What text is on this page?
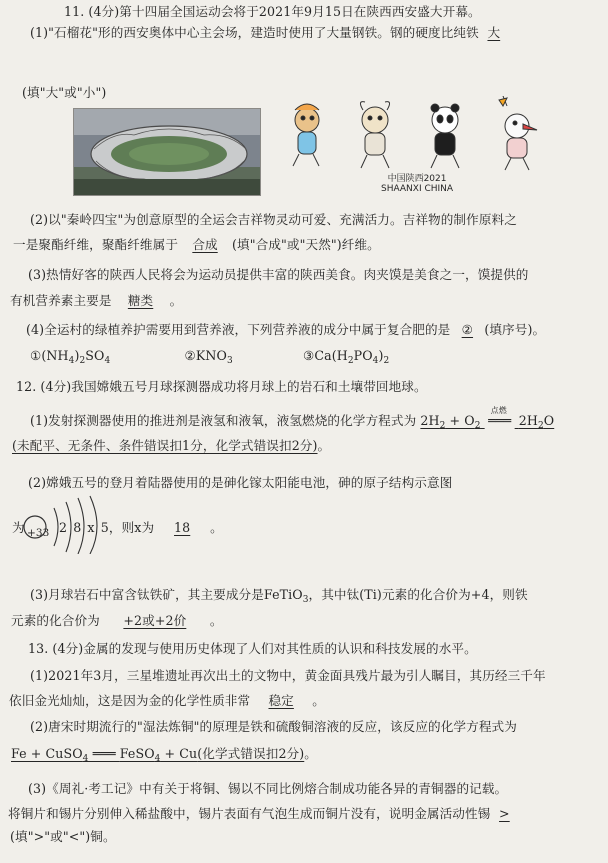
11. (4分)第十四届全国运动会将于2021年9月15日在陕西西安盛大开幕。
(1)"石榴花"形的西安奥体中心主会场，建造时使用了大量钢铁。钢的硬度比纯铁 大
(填"大"或"小")
中国陕西2021
SHAANXI CHINA
(2)以"秦岭四宝"为创意原型的全运会吉祥物灵动可爱、充满活力。吉祥物的制作原料之
一是聚酯纤维，聚酯纤维属于 合成 (填"合成"或"天然")纤维。
(3)热情好客的陕西人民将会为运动员提供丰富的陕西美食。肉夹馍是美食之一，馍提供的
有机营养素主要是 糖类 。
(4)全运村的绿植养护需要用到营养液，下列营养液的成分中属于复合肥的是 ② (填序号)。
$①(NH_4)_2SO_4$	$②KNO_3$	$③Ca(H_2PO_4)_2$
12. (4分)我国嫦娥五号月球探测器成功将月球上的岩石和土壤带回地球。
(1)发射探测器使用的推进剂是液氢和液氧，液氢燃烧的化学方程式为 $2H_2 + O_2$
点燃
═══ $2H_2O$
(未配平、无条件、条件错误扣1分，化学式错误扣2分)。
(2)嫦娥五号的登月着陆器使用的是砷化镓太阳能电池，砷的原子结构示意图
为 +33 2 8 x 5，则x为 18 。
(3)月球岩石中富含钛铁矿，其主要成分是FeTiO$_3$，其中钛(Ti)元素的化合价为+4，则铁
元素的化合价为 +2或+2价 。
13. (4分)金属的发现与使用历史体现了人们对其性质的认识和科技发展的水平。
(1)2021年3月，三星堆遗址再次出土的文物中，黄金面具残片最为引人瞩目，其历经三千年
依旧金光灿灿，这是因为金的化学性质非常 稳定 。
(2)唐宋时期流行的"湿法炼铜"的原理是铁和硫酸铜溶液的反应，该反应的化学方程式为
Fe + CuSO$_4$ ═══ FeSO$_4$ + Cu(化学式错误扣2分)。
(3)《周礼·考工记》中有关于将铜、锡以不同比例熔合制成功能各异的青铜器的记载。
将铜片和锡片分别伸入稀盐酸中，锡片表面有气泡生成而铜片没有，说明金属活动性锡 >
(填">"或"<")铜。
